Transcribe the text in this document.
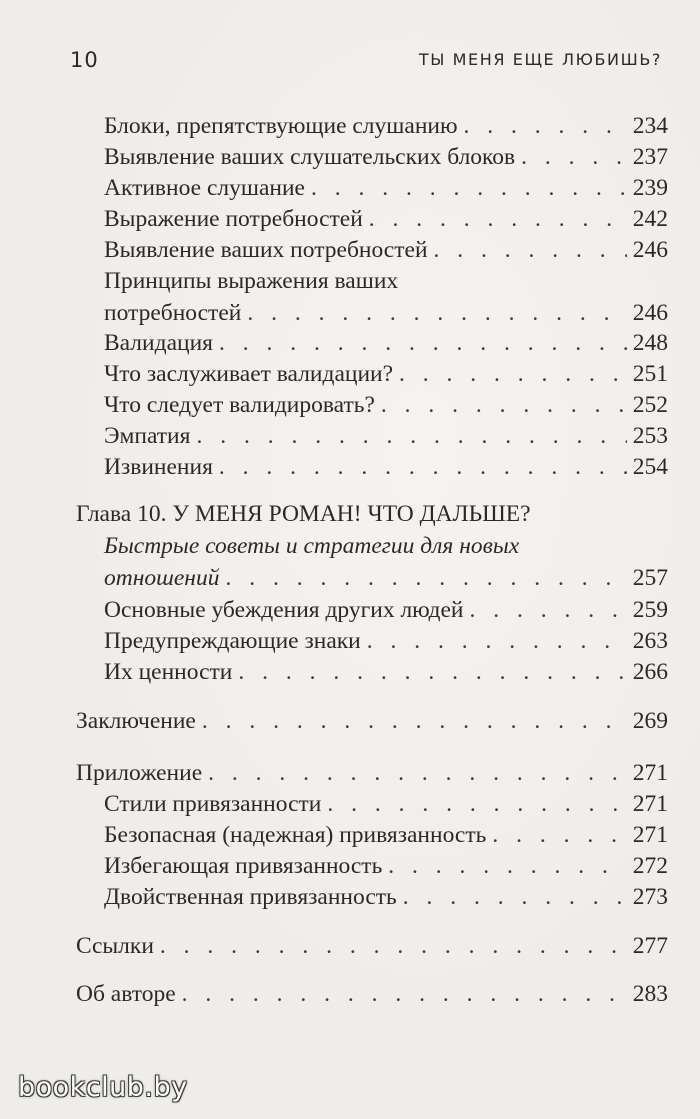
10	ТЫ МЕНЯ ЕЩЕ ЛЮБИШЬ?
Блоки, препятствующие слушанию . . .	234
Выявление ваших слушательских блоков . . .	237
Активное слушание . . .	239
Выражение потребностей . . .	242
Выявление ваших потребностей . . .	246
Принципы выражения ваших
потребностей . . .	246
Валидация . . .	248
Что заслуживает валидации? . . .	251
Что следует валидировать? . . .	252
Эмпатия . . .	253
Извинения . . .	254
Глава 10. У МЕНЯ РОМАН! ЧТО ДАЛЬШЕ?
Быстрые советы и стратегии для новых
отношений . . .	257
Основные убеждения других людей . . .	259
Предупреждающие знаки . . .	263
Их ценности . . .	266
Заключение . . .	269
Приложение . . .	271
Стили привязанности . . .	271
Безопасная (надежная) привязанность . . .	271
Избегающая привязанность . . .	272
Двойственная привязанность . . .	273
Ссылки . . .	277
Об авторе . . .	283
bookclub.by
